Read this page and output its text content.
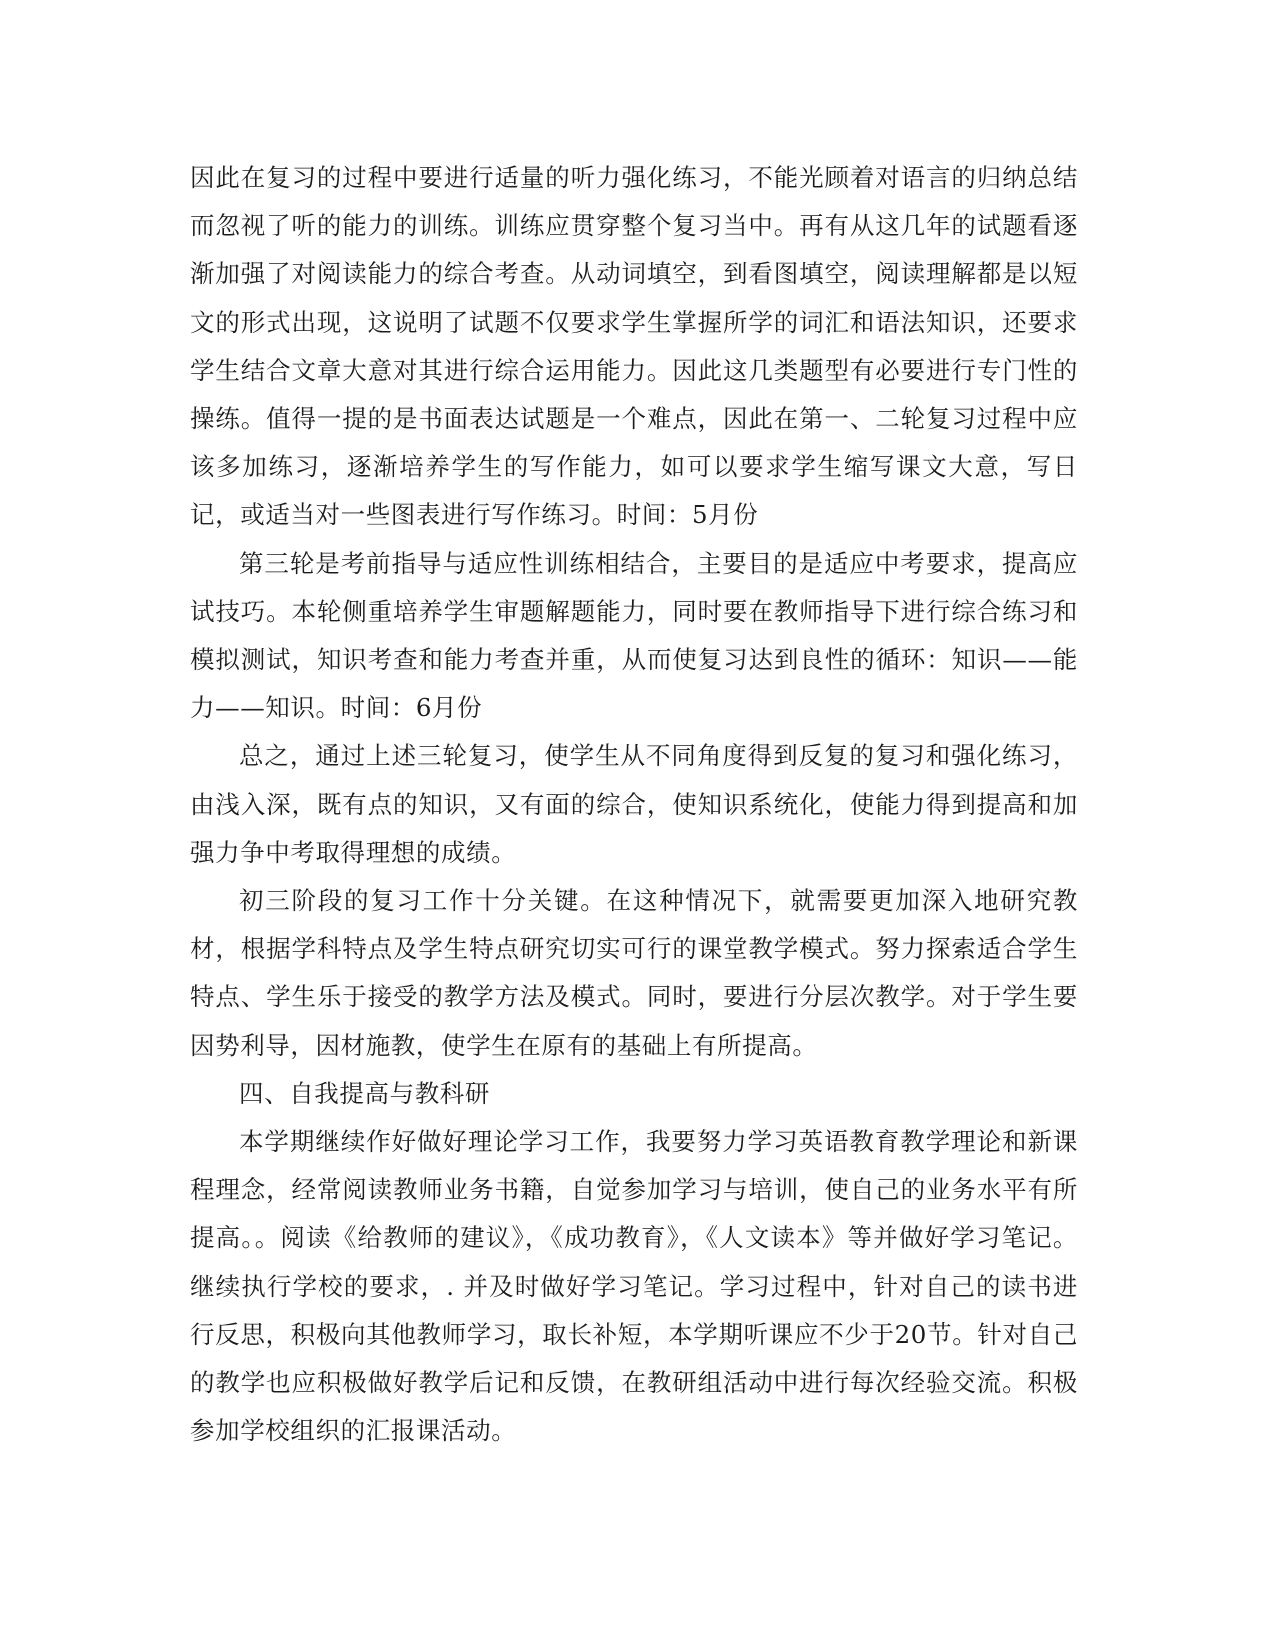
因此在复习的过程中要进行适量的听力强化练习，不能光顾着对语言的归纳总结而忽视了听的能力的训练。训练应贯穿整个复习当中。再有从这几年的试题看逐渐加强了对阅读能力的综合考查。从动词填空，到看图填空，阅读理解都是以短文的形式出现，这说明了试题不仅要求学生掌握所学的词汇和语法知识，还要求学生结合文章大意对其进行综合运用能力。因此这几类题型有必要进行专门性的操练。值得一提的是书面表达试题是一个难点，因此在第一、二轮复习过程中应该多加练习，逐渐培养学生的写作能力，如可以要求学生缩写课文大意，写日记，或适当对一些图表进行写作练习。时间：5月份

第三轮是考前指导与适应性训练相结合，主要目的是适应中考要求，提高应试技巧。本轮侧重培养学生审题解题能力，同时要在教师指导下进行综合练习和模拟测试，知识考查和能力考查并重，从而使复习达到良性的循环：知识——能力——知识。时间：6月份

总之，通过上述三轮复习，使学生从不同角度得到反复的复习和强化练习，由浅入深，既有点的知识，又有面的综合，使知识系统化，使能力得到提高和加强力争中考取得理想的成绩。

初三阶段的复习工作十分关键。在这种情况下，就需要更加深入地研究教材，根据学科特点及学生特点研究切实可行的课堂教学模式。努力探索适合学生特点、学生乐于接受的教学方法及模式。同时，要进行分层次教学。对于学生要因势利导，因材施教，使学生在原有的基础上有所提高。

四、自我提高与教科研

本学期继续作好做好理论学习工作，我要努力学习英语教育教学理论和新课程理念，经常阅读教师业务书籍，自觉参加学习与培训，使自己的业务水平有所提高。。阅读《给教师的建议》，《成功教育》，《人文读本》等并做好学习笔记。继续执行学校的要求，. 并及时做好学习笔记。学习过程中，针对自己的读书进行反思，积极向其他教师学习，取长补短，本学期听课应不少于20节。针对自己的教学也应积极做好教学后记和反馈，在教研组活动中进行每次经验交流。积极参加学校组织的汇报课活动。
